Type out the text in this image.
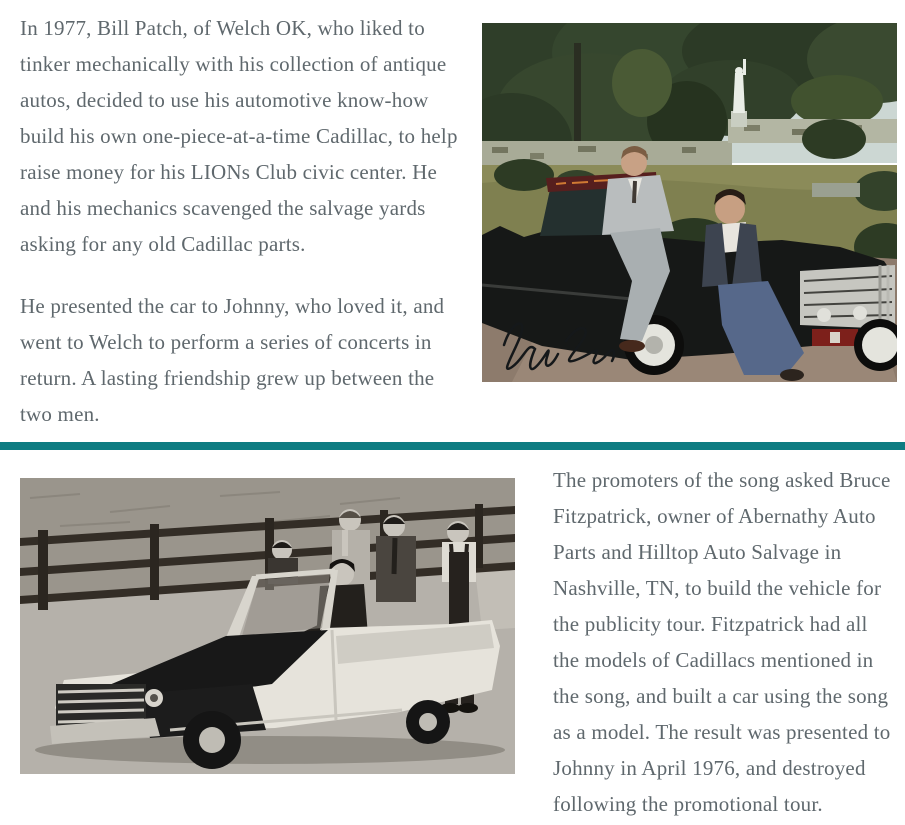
In 1977, Bill Patch, of Welch OK, who liked to tinker mechanically with his collection of antique autos, decided to use his automotive know-how build his own one-piece-at-a-time Cadillac, to help raise money for his LIONs Club civic center. He and his mechanics scavenged the salvage yards asking for any old Cadillac parts.

He presented the car to Johnny, who loved it, and went to Welch to perform a series of concerts in return. A lasting friendship grew up between the two men.

The promoters of the song asked Bruce Fitzpatrick, owner of Abernathy Auto Parts and Hilltop Auto Salvage in Nashville, TN, to build the vehicle for the publicity tour. Fitzpatrick had all the models of Cadillacs mentioned in the song, and built a car using the song as a model. The result was presented to Johnny in April 1976, and destroyed following the promotional tour.
